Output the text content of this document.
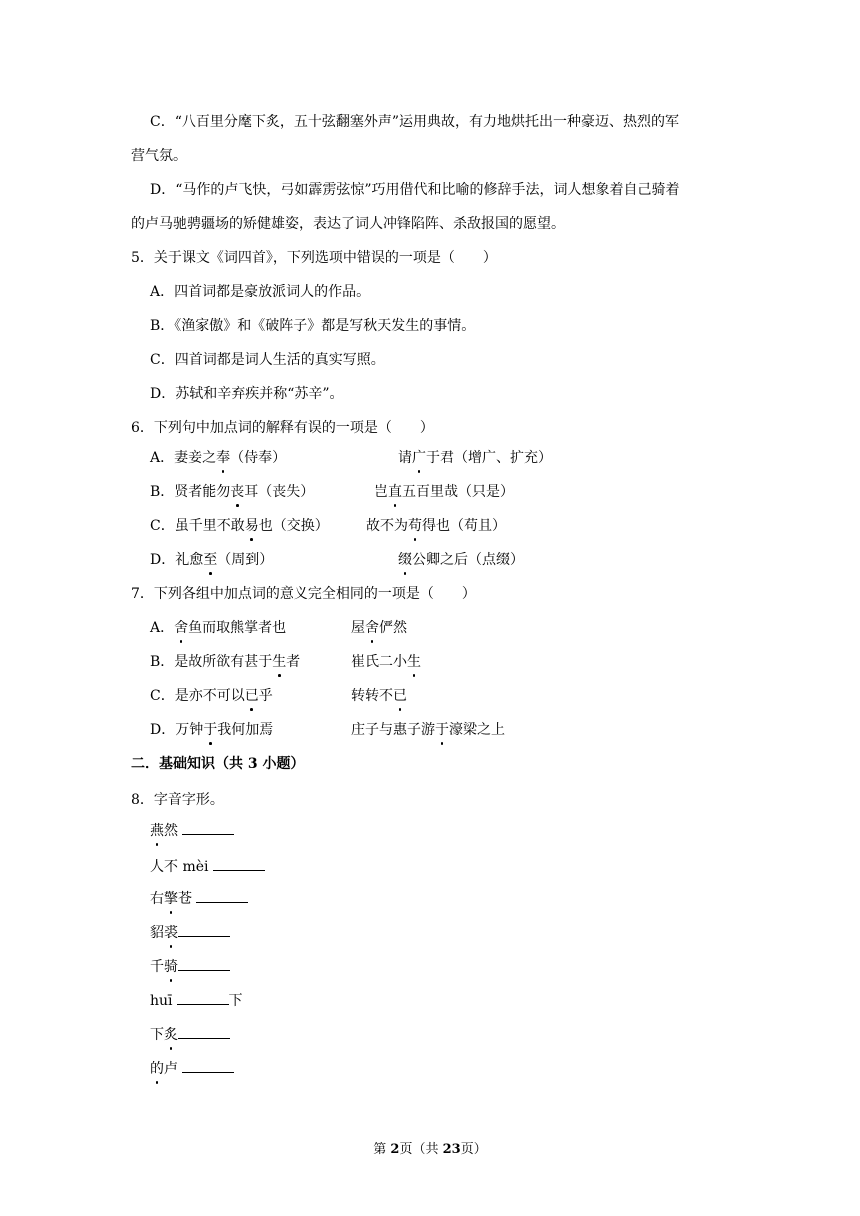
C．“八百里分麾下炙，五十弦翻塞外声”运用典故，有力地烘托出一种豪迈、热烈的军
营气氛。
D．“马作的卢飞快，弓如霹雳弦惊”巧用借代和比喻的修辞手法，词人想象着自己骑着
的卢马驰骋疆场的矫健雄姿，表达了词人冲锋陷阵、杀敌报国的愿望。
5．关于课文《词四首》，下列选项中错误的一项是（　　）
A．四首词都是豪放派词人的作品。
B．《渔家傲》和《破阵子》都是写秋天发生的事情。
C．四首词都是词人生活的真实写照。
D．苏轼和辛弃疾并称“苏辛”。
6．下列句中加点词的解释有误的一项是（　　）
A．妻妾之奉（侍奉）	请广于君（增广、扩充）
B．贤者能勿丧耳（丧失）	岂直五百里哉（只是）
C．虽千里不敢易也（交换）	故不为苟得也（苟且）
D．礼愈至（周到）	缀公卿之后（点缀）
7．下列各组中加点词的意义完全相同的一项是（　　）
A．舍鱼而取熊掌者也	屋舍俨然
B．是故所欲有甚于生者	崔氏二小生
C．是亦不可以已乎	转转不已
D．万钟于我何加焉	庄子与惠子游于濠梁之上
二．基础知识（共 3 小题）
8．字音字形。
燕然
人不 mèi
右擎苍
貂裘
千骑
huī	下
下炙
的卢
第 2页（共 23页）
